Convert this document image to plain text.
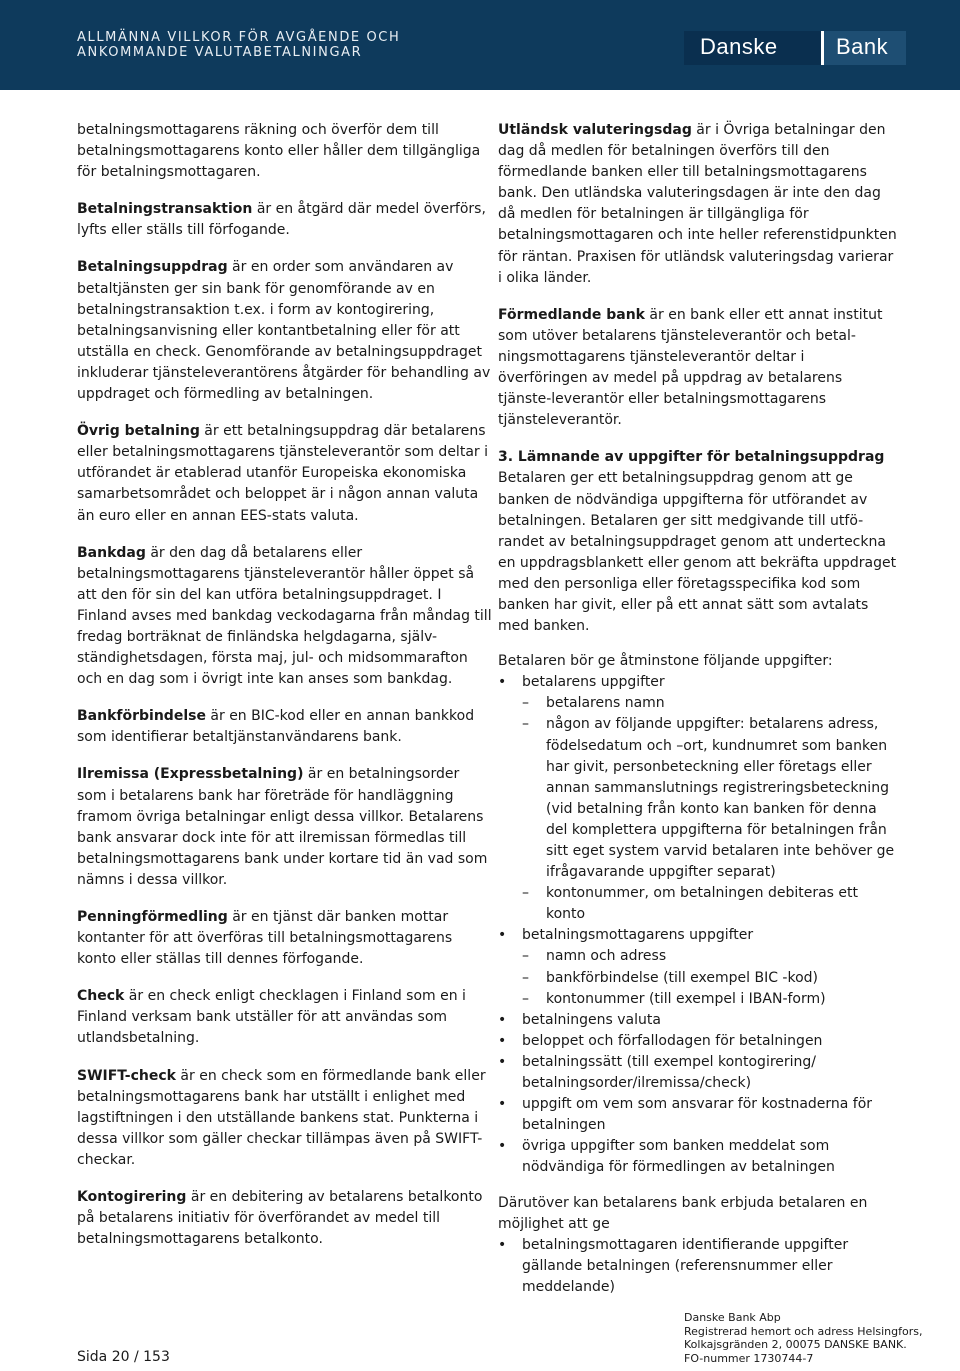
ALLMÄNNA VILLKOR FÖR AVGÅENDE OCH
ANKOMMANDE VALUTABETALNINGAR	Danske	Bank

betalningsmottagarens räkning och överför dem till betalningsmottagarens konto eller håller dem tillgängliga för betalningsmottagaren.

Betalningstransaktion är en åtgärd där medel överförs, lyfts eller ställs till förfogande.

Betalningsuppdrag är en order som användaren av betaltjänsten ger sin bank för genomförande av en betalningstransaktion t.ex. i form av kontogirering, betalningsanvisning eller kontantbetalning eller för att utställa en check. Genomförande av betalningsuppdraget inkluderar tjänsteleverantörens åtgärder för behandling av uppdraget och förmedling av betalningen.

Övrig betalning är ett betalningsuppdrag där betalarens eller betalningsmottagarens tjänsteleverantör som deltar i utförandet är etablerad utanför Europeiska ekonomiska samarbetsområdet och beloppet är i någon annan valuta än euro eller en annan EES-stats valuta.

Bankdag är den dag då betalarens eller betalningsmottagarens tjänsteleverantör håller öppet så att den för sin del kan utföra betalningsuppdraget. I Finland avses med bankdag veckodagarna från måndag till fredag borträknat de finländska helgdagarna, själv-ständighetsdagen, första maj, jul- och midsommarafton och en dag som i övrigt inte kan anses som bankdag.

Bankförbindelse är en BIC-kod eller en annan bankkod som identifierar betaltjänstanvändarens bank.

Ilremissa (Expressbetalning) är en betalningsorder som i betalarens bank har företräde för handläggning framom övriga betalningar enligt dessa villkor. Betalarens bank ansvarar dock inte för att ilremissan förmedlas till betalningsmottagarens bank under kortare tid än vad som nämns i dessa villkor.

Penningförmedling är en tjänst där banken mottar kontanter för att överföras till betalningsmottagarens konto eller ställas till dennes förfogande.

Check är en check enligt checklagen i Finland som en i Finland verksam bank utställer för att användas som utlandsbetalning.

SWIFT-check är en check som en förmedlande bank eller betalningsmottagarens bank har utställt i enlighet med lagstiftningen i den utställande bankens stat. Punkterna i dessa villkor som gäller checkar tillämpas även på SWIFT-checkar.

Kontogirering är en debitering av betalarens betalkonto på betalarens initiativ för överförandet av medel till betalningsmottagarens betalkonto.

Utländsk valuteringsdag är i Övriga betalningar den dag då medlen för betalningen överförs till den förmedlande banken eller till betalningsmottagarens bank. Den utländska valuteringsdagen är inte den dag då medlen för betalningen är tillgängliga för betalningsmottagaren och inte heller referenstidpunkten för räntan. Praxisen för utländsk valuteringsdag varierar i olika länder.

Förmedlande bank är en bank eller ett annat institut som utöver betalarens tjänsteleverantör och betal-ningsmottagarens tjänsteleverantör deltar i överföringen av medel på uppdrag av betalarens tjänste-leverantör eller betalningsmottagarens tjänsteleverantör.

3. Lämnande av uppgifter för betalningsuppdrag
Betalaren ger ett betalningsuppdrag genom att ge banken de nödvändiga uppgifterna för utförandet av betalningen. Betalaren ger sitt medgivande till utfö-randet av betalningsuppdraget genom att underteckna en uppdragsblankett eller genom att bekräfta uppdraget med den personliga eller företagsspecifika kod som banken har givit, eller på ett annat sätt som avtalats med banken.

Betalaren bör ge åtminstone följande uppgifter:

• betalarens uppgifter
– betalarens namn
– någon av följande uppgifter: betalarens adress, födelsedatum och –ort, kundnumret som banken har givit, personbeteckning eller företags eller annan sammanslutnings registreringsbeteckning (vid betalning från konto kan banken för denna del komplettera uppgifterna för betalningen från sitt eget system varvid betalaren inte behöver ge ifrågavarande uppgifter separat)
– kontonummer, om betalningen debiteras ett konto
• betalningsmottagarens uppgifter
– namn och adress
– bankförbindelse (till exempel BIC -kod)
– kontonummer (till exempel i IBAN-form)
• betalningens valuta
• beloppet och förfallodagen för betalningen
• betalningssätt (till exempel kontogirering/ betalningsorder/ilremissa/check)
• uppgift om vem som ansvarar för kostnaderna för betalningen
• övriga uppgifter som banken meddelat som nödvändiga för förmedlingen av betalningen

Därutöver kan betalarens bank erbjuda betalaren en möjlighet att ge

• betalningsmottagaren identifierande uppgifter gällande betalningen (referensnummer eller meddelande)
Sida 20 / 153
Danske Bank Abp
Registrerad hemort och adress Helsingfors,
Kolkajsgränden 2, 00075 DANSKE BANK.
FO-nummer 1730744-7
